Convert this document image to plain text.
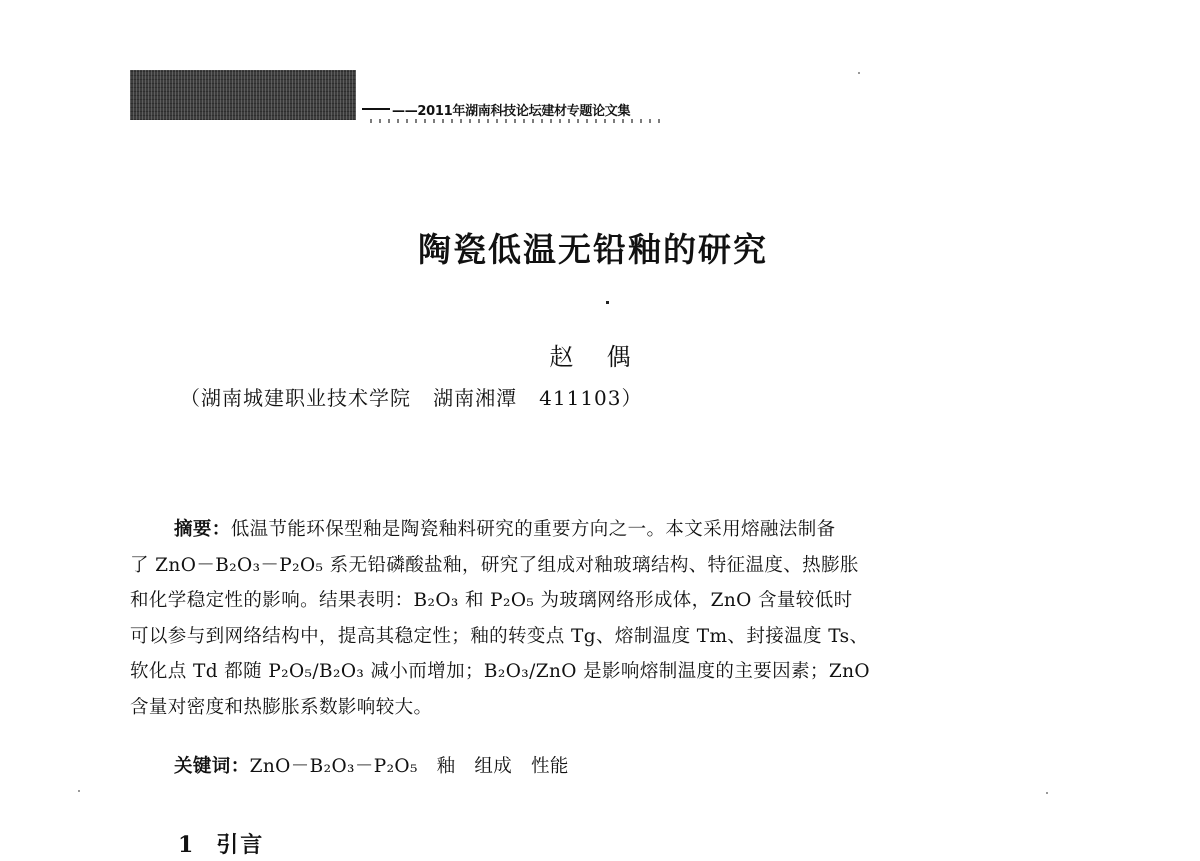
——2011年湖南科技论坛建材专题论文集
陶瓷低温无铅釉的研究
赵  偶
（湖南城建职业技术学院   湖南湘潭   411103）
摘要：低温节能环保型釉是陶瓷釉料研究的重要方向之一。本文采用熔融法制备
了 ZnO－B₂O₃－P₂O₅ 系无铅磷酸盐釉，研究了组成对釉玻璃结构、特征温度、热膨胀
和化学稳定性的影响。结果表明：B₂O₃ 和 P₂O₅ 为玻璃网络形成体，ZnO 含量较低时
可以参与到网络结构中，提高其稳定性；釉的转变点 Tg、熔制温度 Tm、封接温度 Ts、
软化点 Td 都随 P₂O₅/B₂O₃ 减小而增加；B₂O₃/ZnO 是影响熔制温度的主要因素；ZnO
含量对密度和热膨胀系数影响较大。
关键词：ZnO－B₂O₃－P₂O₅   釉   组成   性能
1 引言
